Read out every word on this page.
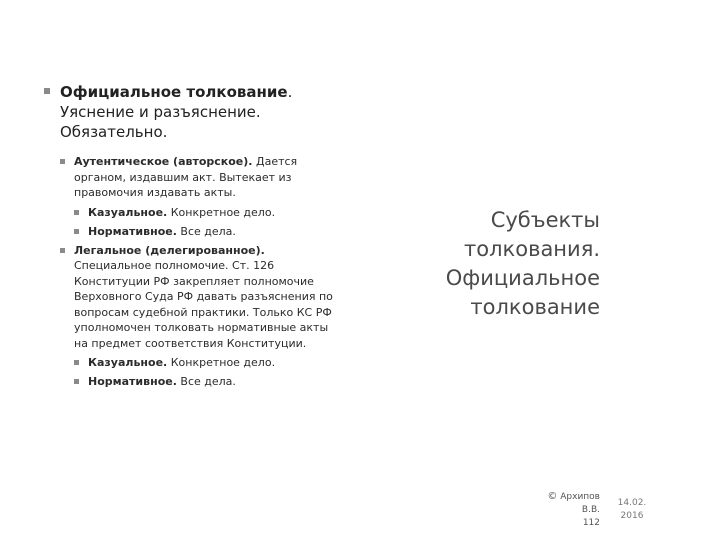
Официальное толкование.
Уяснение и разъяснение.
Обязательно.
Аутентическое (авторское). Дается органом, издавшим акт. Вытекает из правомочия издавать акты.
Казуальное. Конкретное дело.
Нормативное. Все дела.
Легальное (делегированное). Специальное полномочие. Ст. 126 Конституции РФ закрепляет полномочие Верховного Суда РФ давать разъяснения по вопросам судебной практики. Только КС РФ уполномочен толковать нормативные акты на предмет соответствия Конституции.
Казуальное. Конкретное дело.
Нормативное. Все дела.
Субъекты
толкования.
Официальное
толкование
© Архипов В.В.
112
14.02.
2016
